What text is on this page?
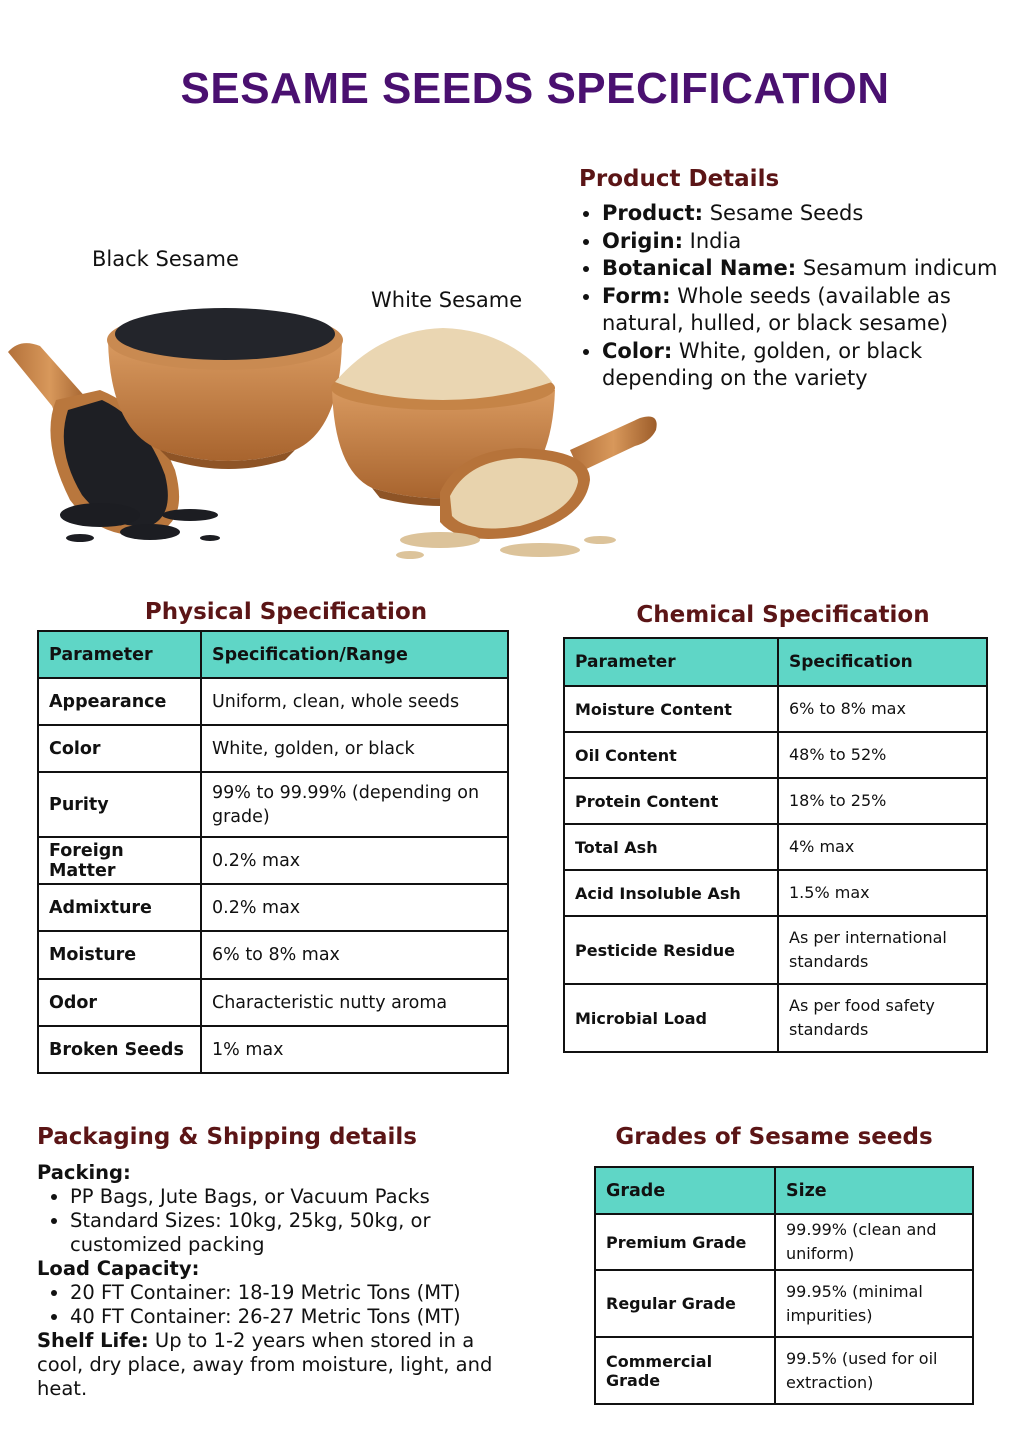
SESAME SEEDS SPECIFICATION
Product Details
• Product: Sesame Seeds
• Origin: India
• Botanical Name: Sesamum indicum
• Form: Whole seeds (available as natural, hulled, or black sesame)
• Color: White, golden, or black depending on the variety
Black Sesame
White Sesame
Physical Specification
Parameter	Specification/Range
Appearance	Uniform, clean, whole seeds
Color	White, golden, or black
Purity	99% to 99.99% (depending on grade)
Foreign Matter	0.2% max
Admixture	0.2% max
Moisture	6% to 8% max
Odor	Characteristic nutty aroma
Broken Seeds	1% max
Chemical Specification
Parameter	Specification
Moisture Content	6% to 8% max
Oil Content	48% to 52%
Protein Content	18% to 25%
Total Ash	4% max
Acid Insoluble Ash	1.5% max
Pesticide Residue	As per international standards
Microbial Load	As per food safety standards
Packaging & Shipping details
Packing:
• PP Bags, Jute Bags, or Vacuum Packs
• Standard Sizes: 10kg, 25kg, 50kg, or customized packing
Load Capacity:
• 20 FT Container: 18-19 Metric Tons (MT)
• 40 FT Container: 26-27 Metric Tons (MT)
Shelf Life: Up to 1-2 years when stored in a cool, dry place, away from moisture, light, and heat.
Grades of Sesame seeds
Grade	Size
Premium Grade	99.99% (clean and uniform)
Regular Grade	99.95% (minimal impurities)
Commercial Grade	99.5% (used for oil extraction)
